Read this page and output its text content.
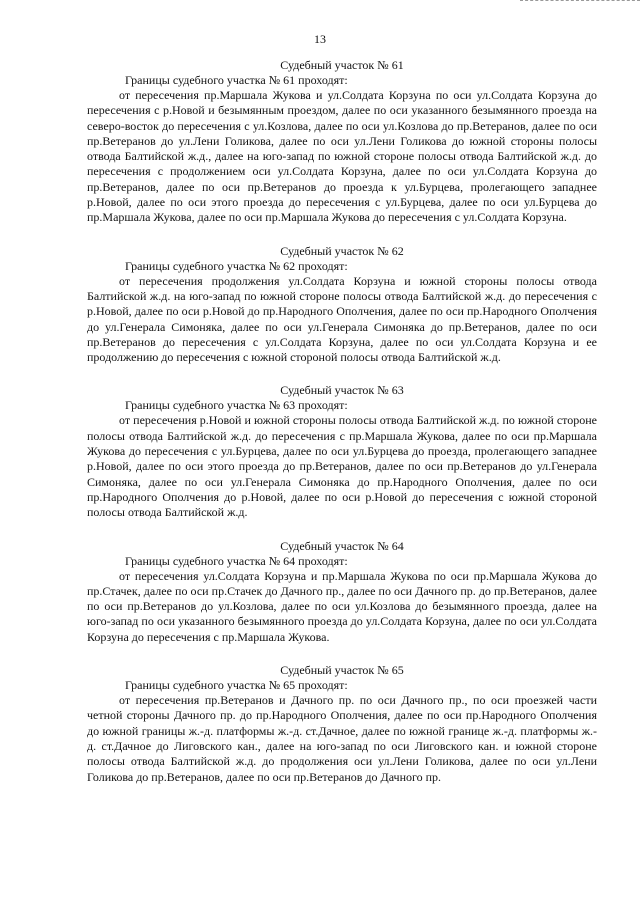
13
Судебный участок № 61
Границы судебного участка № 61 проходят:

от пересечения пр.Маршала Жукова и ул.Солдата Корзуна по оси ул.Солдата Корзуна до пересечения с р.Новой и безымянным проездом, далее по оси указанного безымянного проезда на северо-восток до пересечения с ул.Козлова, далее по оси ул.Козлова до пр.Ветеранов, далее по оси пр.Ветеранов до ул.Лени Голикова, далее по оси ул.Лени Голикова до южной стороны полосы отвода Балтийской ж.д., далее на юго-запад по южной стороне полосы отвода Балтийской ж.д. до пересечения с продолжением оси ул.Солдата Корзуна, далее по оси ул.Солдата Корзуна до пр.Ветеранов, далее по оси пр.Ветеранов до проезда к ул.Бурцева, пролегающего западнее р.Новой, далее по оси этого проезда до пересечения с ул.Бурцева, далее по оси ул.Бурцева до пр.Маршала Жукова, далее по оси пр.Маршала Жукова до пересечения с ул.Солдата Корзуна.

Судебный участок № 62
Границы судебного участка № 62 проходят:

от пересечения продолжения ул.Солдата Корзуна и южной стороны полосы отвода Балтийской ж.д. на юго-запад по южной стороне полосы отвода Балтийской ж.д. до пересечения с р.Новой, далее по оси р.Новой до пр.Народного Ополчения, далее по оси пр.Народного Ополчения до ул.Генерала Симоняка, далее по оси ул.Генерала Симоняка до пр.Ветеранов, далее по оси пр.Ветеранов до пересечения с ул.Солдата Корзуна, далее по оси ул.Солдата Корзуна и ее продолжению до пересечения с южной стороной полосы отвода Балтийской ж.д.

Судебный участок № 63
Границы судебного участка № 63 проходят:

от пересечения р.Новой и южной стороны полосы отвода Балтийской ж.д. по южной стороне полосы отвода Балтийской ж.д. до пересечения с пр.Маршала Жукова, далее по оси пр.Маршала Жукова до пересечения с ул.Бурцева, далее по оси ул.Бурцева до проезда, пролегающего западнее р.Новой, далее по оси этого проезда до пр.Ветеранов, далее по оси пр.Ветеранов до ул.Генерала Симоняка, далее по оси ул.Генерала Симоняка до пр.Народного Ополчения, далее по оси пр.Народного Ополчения до р.Новой, далее по оси р.Новой до пересечения с южной стороной полосы отвода Балтийской ж.д.

Судебный участок № 64
Границы судебного участка № 64 проходят:

от пересечения ул.Солдата Корзуна и пр.Маршала Жукова по оси пр.Маршала Жукова до пр.Стачек, далее по оси пр.Стачек до Дачного пр., далее по оси Дачного пр. до пр.Ветеранов, далее по оси пр.Ветеранов до ул.Козлова, далее по оси ул.Козлова до безымянного проезда, далее на юго-запад по оси указанного безымянного проезда до ул.Солдата Корзуна, далее по оси ул.Солдата Корзуна до пересечения с пр.Маршала Жукова.

Судебный участок № 65
Границы судебного участка № 65 проходят:

от пересечения пр.Ветеранов и Дачного пр. по оси Дачного пр., по оси проезжей части четной стороны Дачного пр. до пр.Народного Ополчения, далее по оси пр.Народного Ополчения до южной границы ж.-д. платформы ж.-д. ст.Дачное, далее по южной границе ж.-д. платформы ж.-д. ст.Дачное до Лиговского кан., далее на юго-запад по оси Лиговского кан. и южной стороне полосы отвода Балтийской ж.д. до продолжения оси ул.Лени Голикова, далее по оси ул.Лени Голикова до пр.Ветеранов, далее по оси пр.Ветеранов до Дачного пр.
